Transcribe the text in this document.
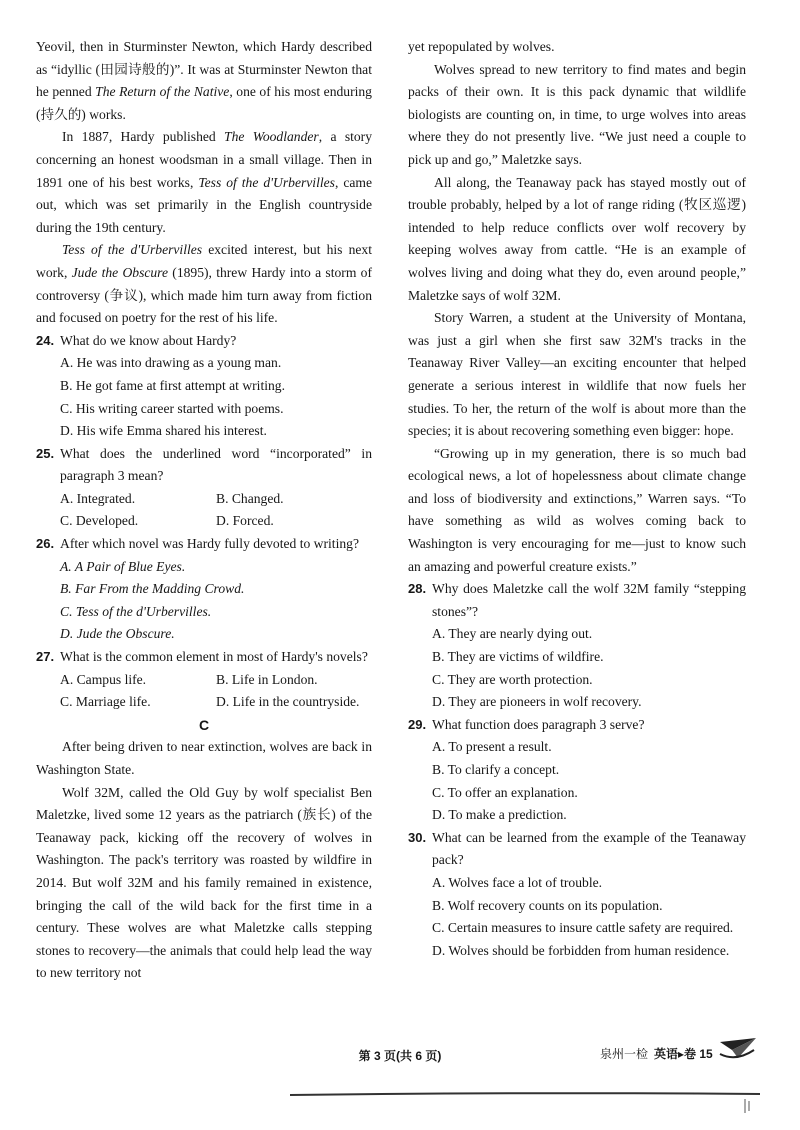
Yeovil, then in Sturminster Newton, which Hardy described as “idyllic (田园诗般的)”. It was at Sturminster Newton that he penned The Return of the Native, one of his most enduring (持久的) works.

In 1887, Hardy published The Woodlander, a story concerning an honest woodsman in a small village. Then in 1891 one of his best works, Tess of the d'Urbervilles, came out, which was set primarily in the English countryside during the 19th century.

Tess of the d'Urbervilles excited interest, but his next work, Jude the Obscure (1895), threw Hardy into a storm of controversy (争议), which made him turn away from fiction and focused on poetry for the rest of his life.

24. What do we know about Hardy?

A. He was into drawing as a young man.

B. He got fame at first attempt at writing.

C. His writing career started with poems.

D. His wife Emma shared his interest.

25. What does the underlined word “incorporated” in paragraph 3 mean?

A. Integrated.	B. Changed.
C. Developed.	D. Forced.

26. After which novel was Hardy fully devoted to writing?

A. A Pair of Blue Eyes.

B. Far From the Madding Crowd.

C. Tess of the d'Urbervilles.

D. Jude the Obscure.

27. What is the common element in most of Hardy's novels?

A. Campus life.	B. Life in London.
C. Marriage life.	D. Life in the countryside.

C

After being driven to near extinction, wolves are back in Washington State.

Wolf 32M, called the Old Guy by wolf specialist Ben Maletzke, lived some 12 years as the patriarch (族长) of the Teanaway pack, kicking off the recovery of wolves in Washington. The pack's territory was roasted by wildfire in 2014. But wolf 32M and his family remained in existence, bringing the call of the wild back for the first time in a century. These wolves are what Maletzke calls stepping stones to recovery—the animals that could help lead the way to new territory not

yet repopulated by wolves.

Wolves spread to new territory to find mates and begin packs of their own. It is this pack dynamic that wildlife biologists are counting on, in time, to urge wolves into areas where they do not presently live. “We just need a couple to pick up and go,” Maletzke says.

All along, the Teanaway pack has stayed mostly out of trouble probably, helped by a lot of range riding (牧区巡逻) intended to help reduce conflicts over wolf recovery by keeping wolves away from cattle. “He is an example of wolves living and doing what they do, even around people,” Maletzke says of wolf 32M.

Story Warren, a student at the University of Montana, was just a girl when she first saw 32M's tracks in the Teanaway River Valley—an exciting encounter that helped generate a serious interest in wildlife that now fuels her studies. To her, the return of the wolf is about more than the species; it is about recovering something even bigger: hope.

“Growing up in my generation, there is so much bad ecological news, a lot of hopelessness about climate change and loss of biodiversity and extinctions,” Warren says. “To have something as wild as wolves coming back to Washington is very encouraging for me—just to know such an amazing and powerful creature exists.”

28. Why does Maletzke call the wolf 32M family “stepping stones”?

A. They are nearly dying out.

B. They are victims of wildfire.

C. They are worth protection.

D. They are pioneers in wolf recovery.

29. What function does paragraph 3 serve?

A. To present a result.

B. To clarify a concept.

C. To offer an explanation.

D. To make a prediction.

30. What can be learned from the example of the Teanaway pack?

A. Wolves face a lot of trouble.

B. Wolf recovery counts on its population.

C. Certain measures to insure cattle safety are required.

D. Wolves should be forbidden from human residence.

第 3 页(共 6 页)	泉州一检 英语▸卷 15
